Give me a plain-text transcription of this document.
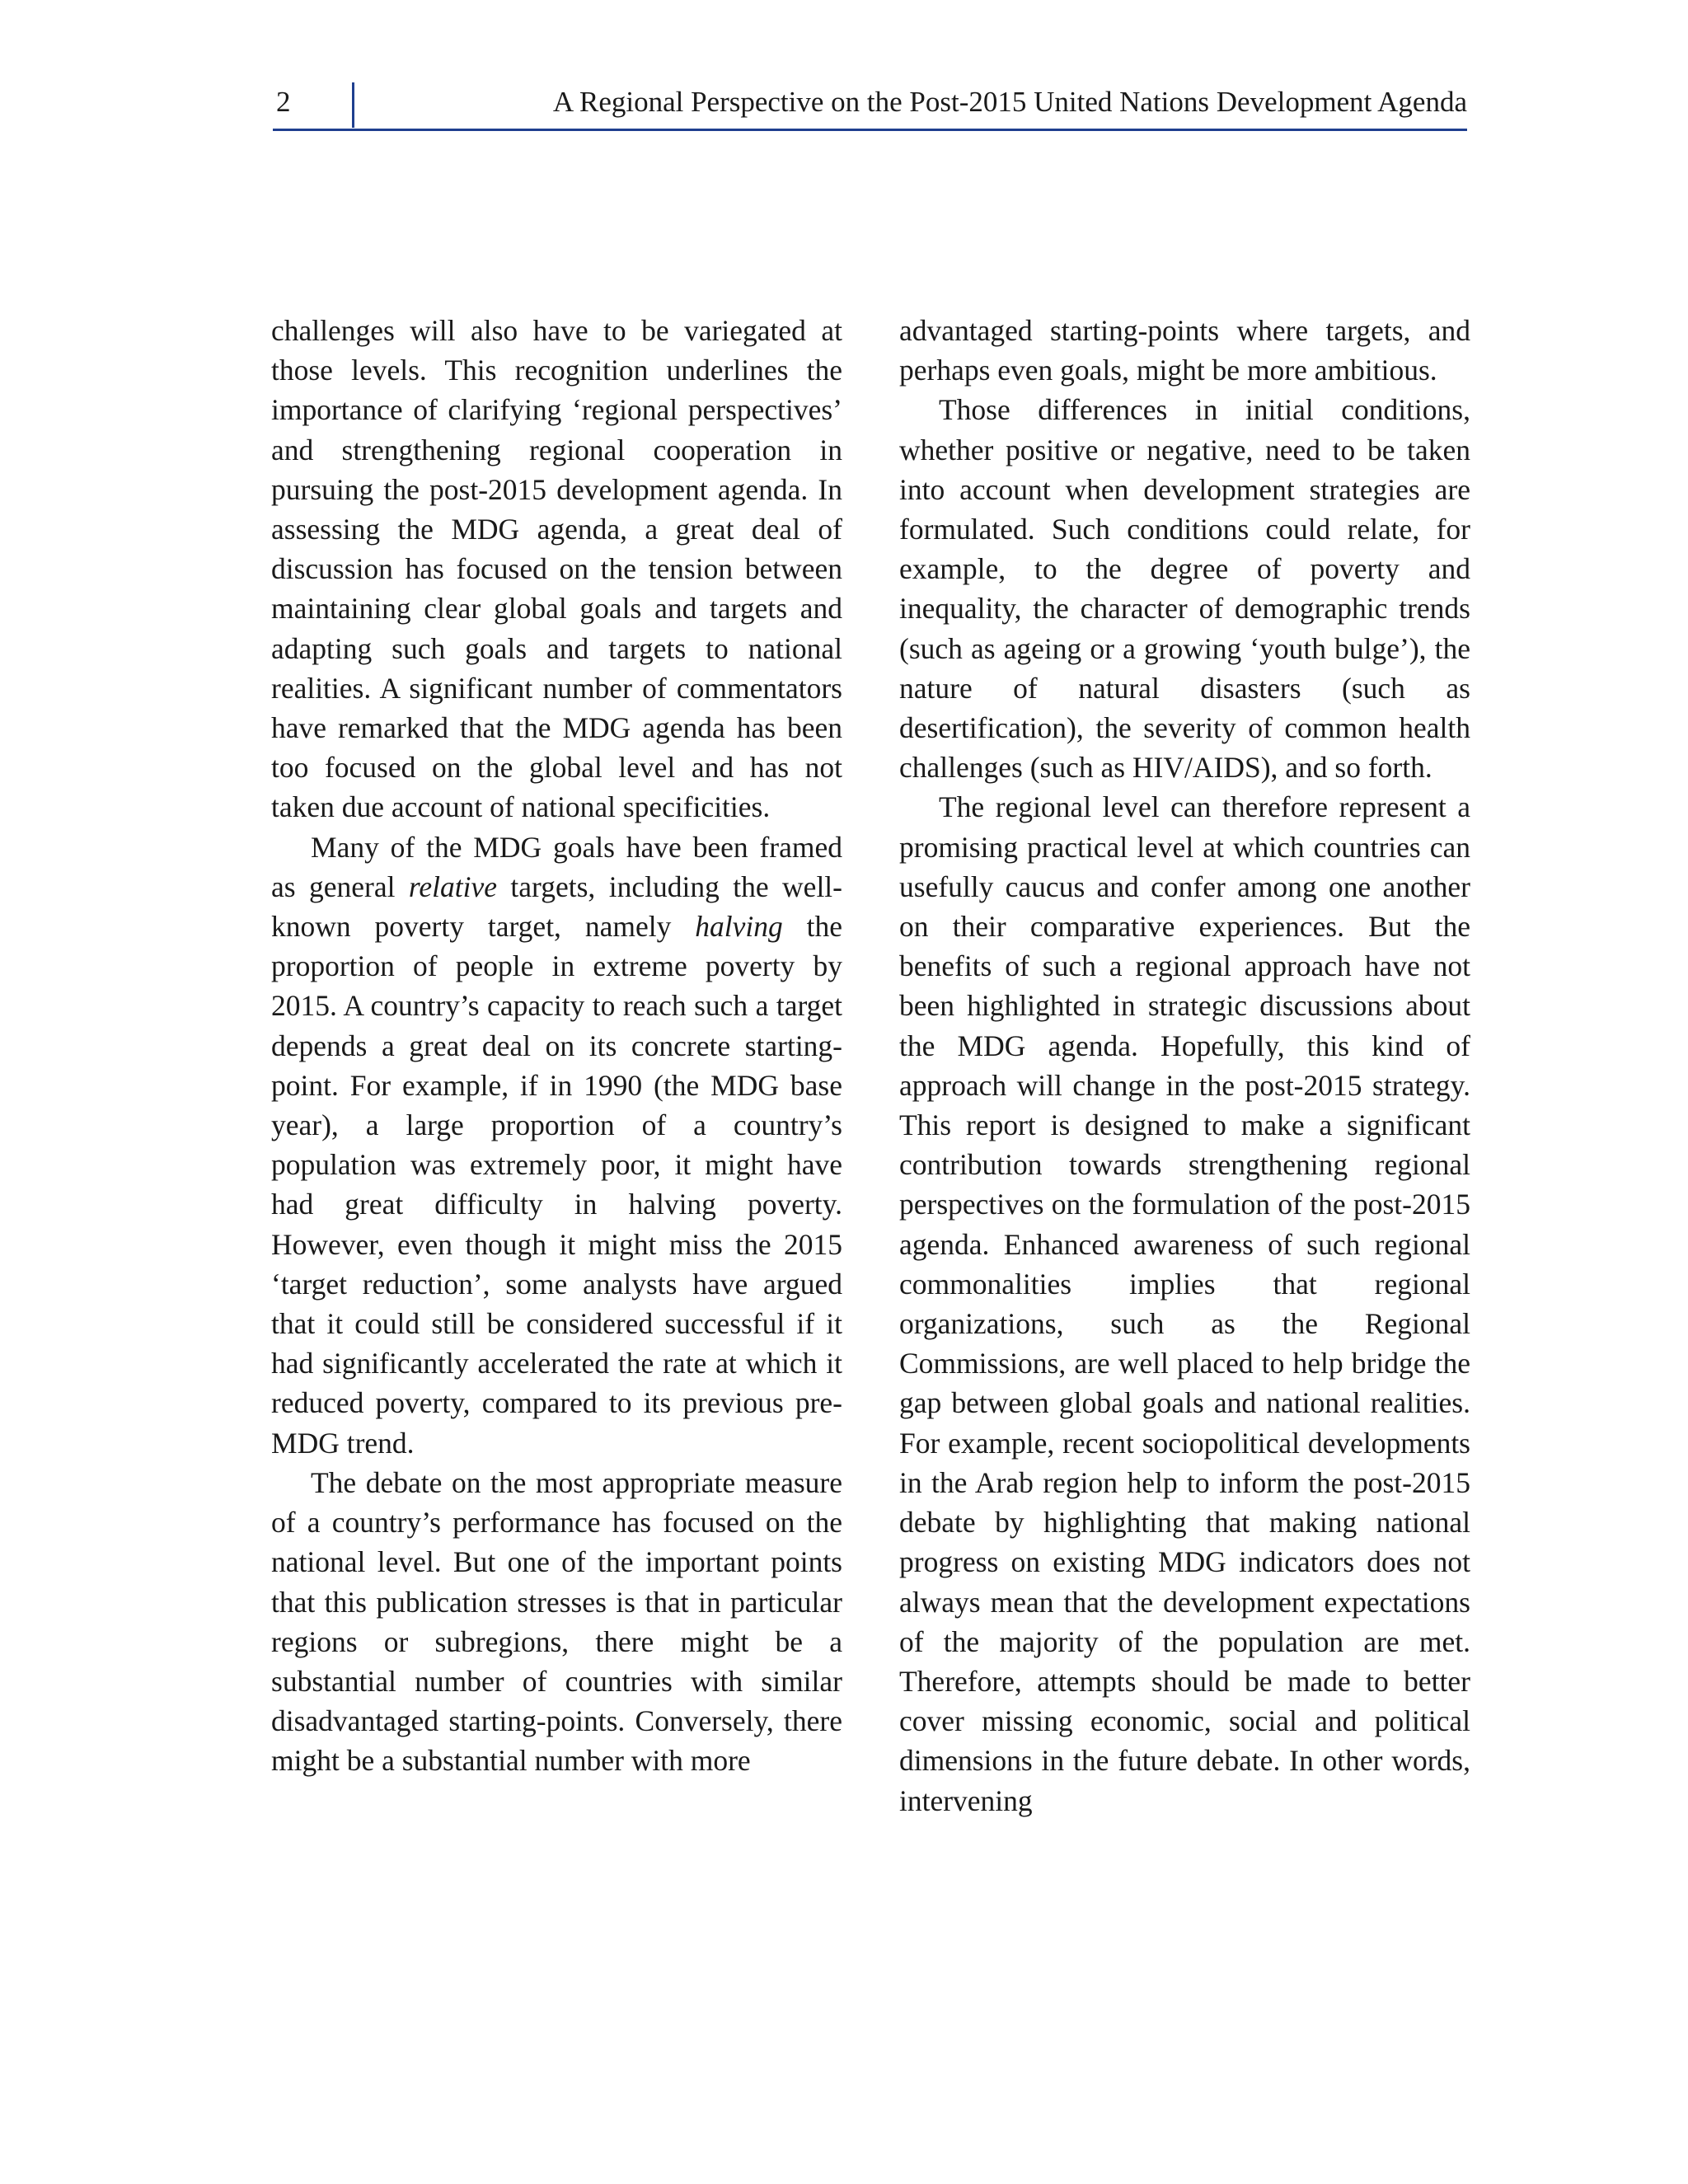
2	A Regional Perspective on the Post-2015 United Nations Development Agenda

challenges will also have to be variegated at those levels. This recognition underlines the importance of clarifying ‘regional perspectives’ and strengthening regional cooperation in pursuing the post-2015 development agenda. In assessing the MDG agenda, a great deal of discussion has focused on the tension between maintaining clear global goals and targets and adapting such goals and targets to national realities. A significant number of commentators have remarked that the MDG agenda has been too focused on the global level and has not taken due account of national specificities.

Many of the MDG goals have been framed as general relative targets, including the well-known poverty target, namely halving the proportion of people in extreme poverty by 2015. A country’s capacity to reach such a target depends a great deal on its concrete starting-point. For example, if in 1990 (the MDG base year), a large proportion of a country’s population was extremely poor, it might have had great difficulty in halving poverty. However, even though it might miss the 2015 ‘target reduction’, some analysts have argued that it could still be considered successful if it had significantly accelerated the rate at which it reduced poverty, compared to its previous pre-MDG trend.

The debate on the most appropriate measure of a country’s performance has focused on the national level. But one of the important points that this publication stresses is that in particular regions or subregions, there might be a substantial number of countries with similar disadvantaged starting-points. Conversely, there might be a substantial number with more

advantaged starting-points where targets, and perhaps even goals, might be more ambitious.

Those differences in initial conditions, whether positive or negative, need to be taken into account when development strategies are formulated. Such conditions could relate, for example, to the degree of poverty and inequality, the character of demographic trends (such as ageing or a growing ‘youth bulge’), the nature of natural disasters (such as desertification), the severity of common health challenges (such as HIV/AIDS), and so forth.

The regional level can therefore represent a promising practical level at which countries can usefully caucus and confer among one another on their comparative experiences. But the benefits of such a regional approach have not been highlighted in strategic discussions about the MDG agenda. Hopefully, this kind of approach will change in the post-2015 strategy. This report is designed to make a significant contribution towards strengthening regional perspectives on the formulation of the post-2015 agenda. Enhanced awareness of such regional commonalities implies that regional organizations, such as the Regional Commissions, are well placed to help bridge the gap between global goals and national realities. For example, recent sociopolitical developments in the Arab region help to inform the post-2015 debate by highlighting that making national progress on existing MDG indicators does not always mean that the development expectations of the majority of the population are met. Therefore, attempts should be made to better cover missing economic, social and political dimensions in the future debate. In other words, intervening
